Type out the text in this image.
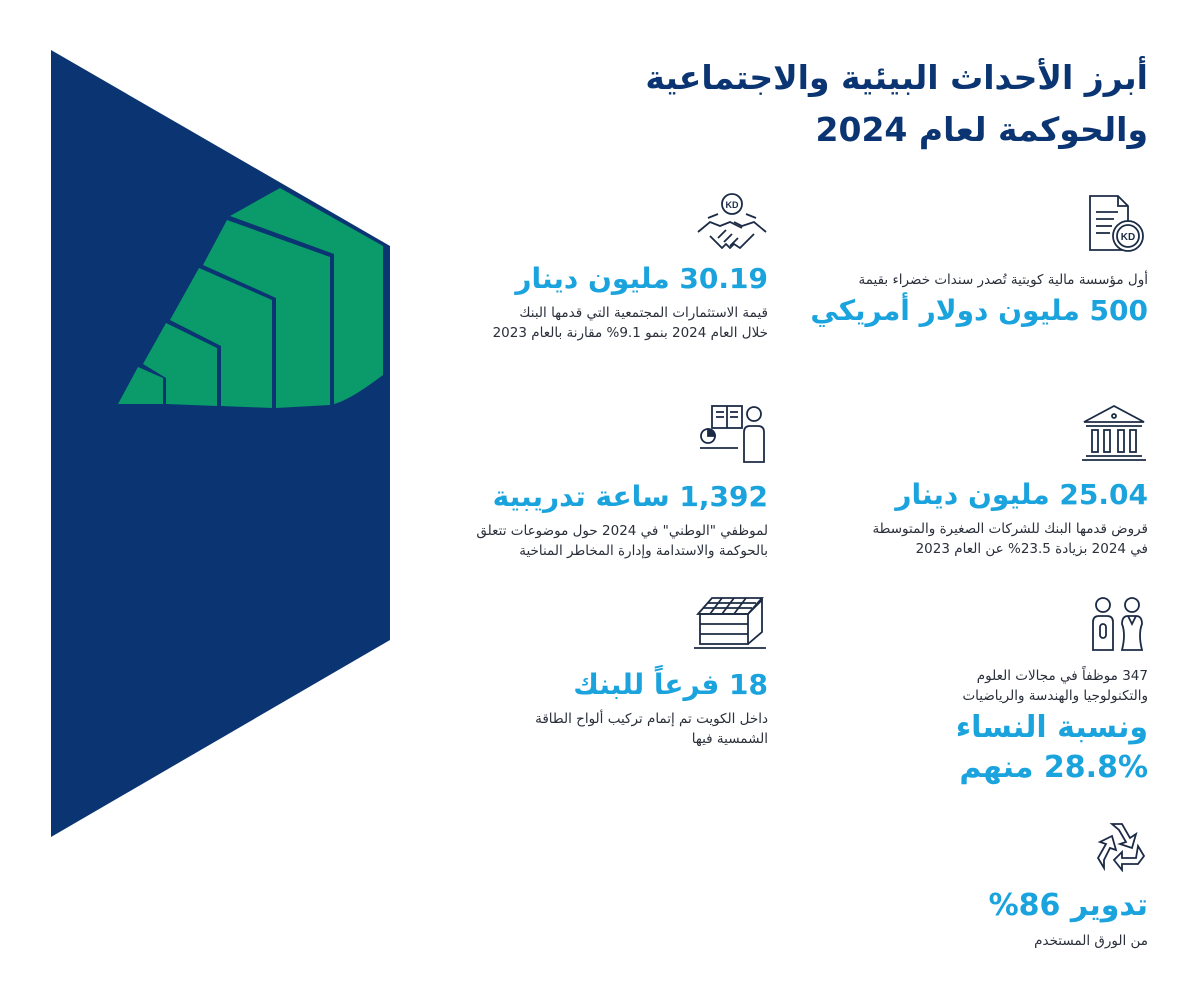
أبرز الأحداث البيئية والاجتماعية
والحوكمة لعام 2024
KD
أول مؤسسة مالية كويتية تُصدر سندات خضراء بقيمة
500 مليون دولار أمريكي
KD
30.19 مليون دينار
قيمة الاستثمارات المجتمعية التي قدمها البنك
خلال العام 2024 بنمو 9.1% مقارنة بالعام 2023
25.04 مليون دينار
قروض قدمها البنك للشركات الصغيرة والمتوسطة
في 2024 بزيادة 23.5% عن العام 2023
1,392 ساعة تدريبية
لموظفي "الوطني" في 2024 حول موضوعات تتعلق
بالحوكمة والاستدامة وإدارة المخاطر المناخية
347 موظفاً في مجالات العلوم
والتكنولوجيا والهندسة والرياضيات
ونسبة النساء
28.8% منهم
18 فرعاً للبنك
داخل الكويت تم إتمام تركيب ألواح الطاقة
الشمسية فيها
تدوير 86%
من الورق المستخدم
